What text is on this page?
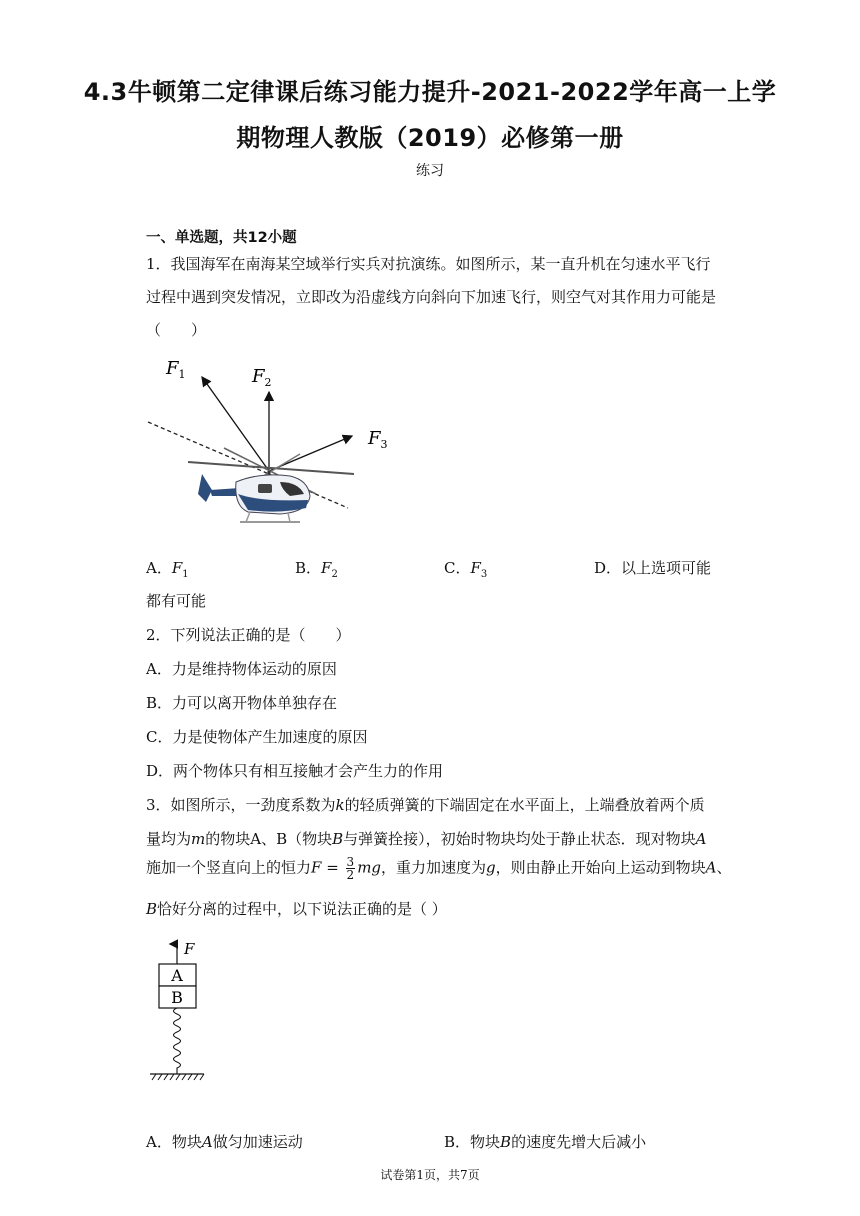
4.3牛顿第二定律课后练习能力提升-2021-2022学年高一上学
期物理人教版（2019）必修第一册
练习
一、单选题，共12小题
1．我国海军在南海某空域举行实兵对抗演练。如图所示，某一直升机在匀速水平飞行
过程中遇到突发情况，立即改为沿虚线方向斜向下加速飞行，则空气对其作用力可能是
（　　）
$F_1$	$F_2$
$F_3$
A．$F_1$	B．$F_2$	C．$F_3$	D．以上选项可能
都有可能
2．下列说法正确的是（　　）
A．力是维持物体运动的原因
B．力可以离开物体单独存在
C．力是使物体产生加速度的原因
D．两个物体只有相互接触才会产生力的作用
3．如图所示，一劲度系数为k的轻质弹簧的下端固定在水平面上，上端叠放着两个质
量均为m的物块A、B（物块B与弹簧拴接），初始时物块均处于静止状态．现对物块A
施加一个竖直向上的恒力$F = \frac{3}{2}$ mg，重力加速度为g，则由静止开始向上运动到物块A、
B恰好分离的过程中，以下说法正确的是（ ）
F
A
B
A．物块A做匀加速运动	B．物块B的速度先增大后减小
试卷第1页，共7页
